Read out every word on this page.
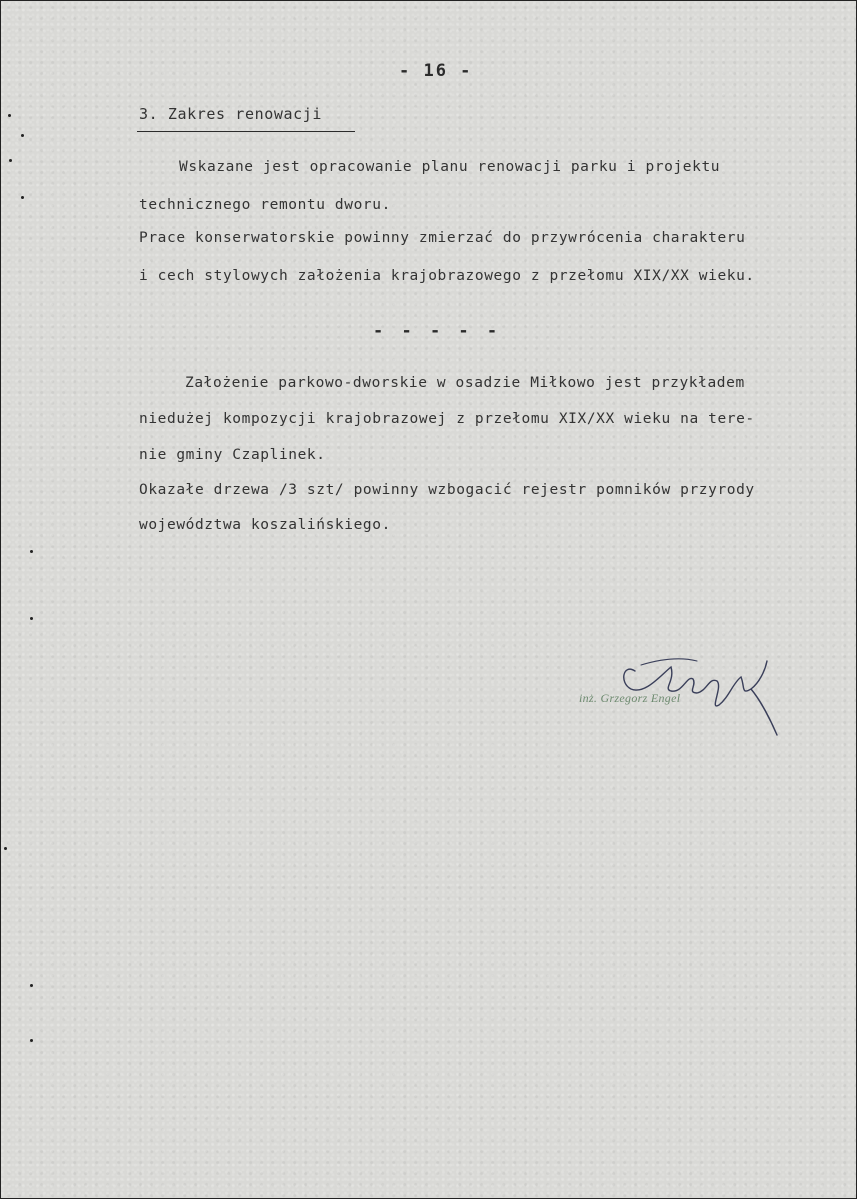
- 16 -
3. Zakres renowacji
Wskazane jest opracowanie planu renowacji parku i projektu
technicznego remontu dworu.
Prace konserwatorskie powinny zmierzać do przywrócenia charakteru
i cech stylowych założenia krajobrazowego z przełomu XIX/XX wieku.
- - - - -
Założenie parkowo-dworskie w osadzie Miłkowo jest przykładem
niedużej kompozycji krajobrazowej z przełomu XIX/XX wieku na tere-
nie gminy Czaplinek.
Okazałe drzewa /3 szt/ powinny wzbogacić rejestr pomników przyrody
województwa koszalińskiego.
inż. Grzegorz Engel
